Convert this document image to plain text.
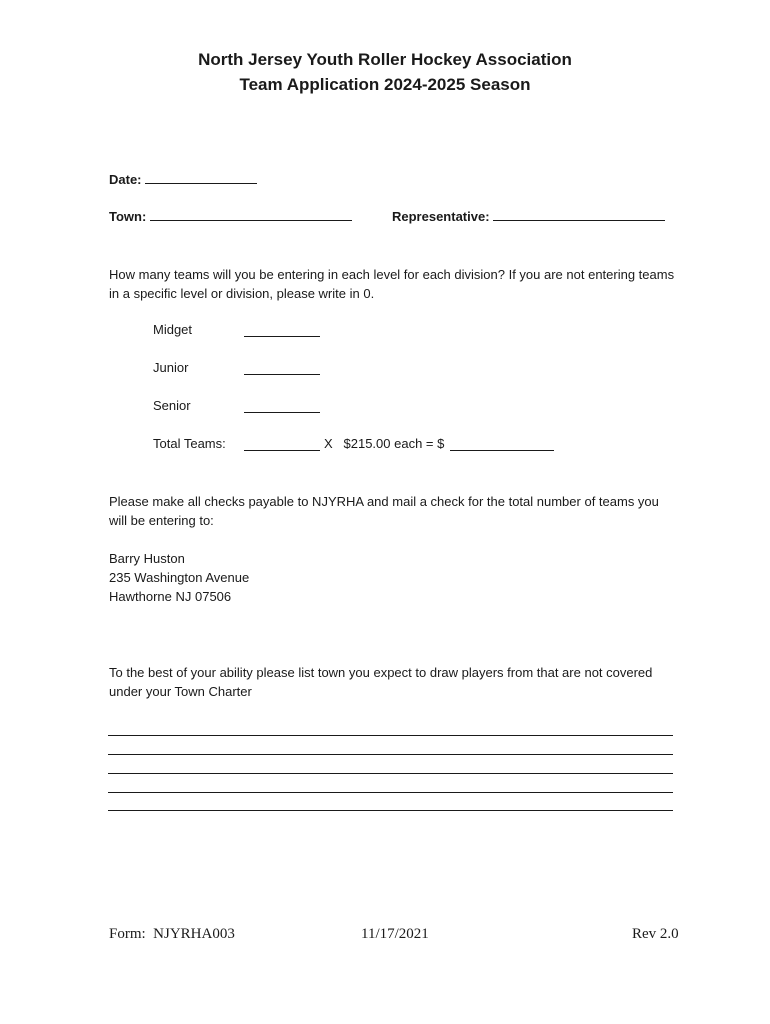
North Jersey Youth Roller Hockey Association
Team Application 2024-2025 Season
Date:
Town:	Representative:
How many teams will you be entering in each level for each division? If you are not entering teams in a specific level or division, please write in 0.
Midget
Junior
Senior
Total Teams:	X   $215.00 each = $
Please make all checks payable to NJYRHA and mail a check for the total number of teams you will be entering to:
Barry Huston
235 Washington Avenue
Hawthorne NJ 07506
To the best of your ability please list town you expect to draw players from that are not covered under your Town Charter
Form:  NJYRHA003	11/17/2021	Rev 2.0
